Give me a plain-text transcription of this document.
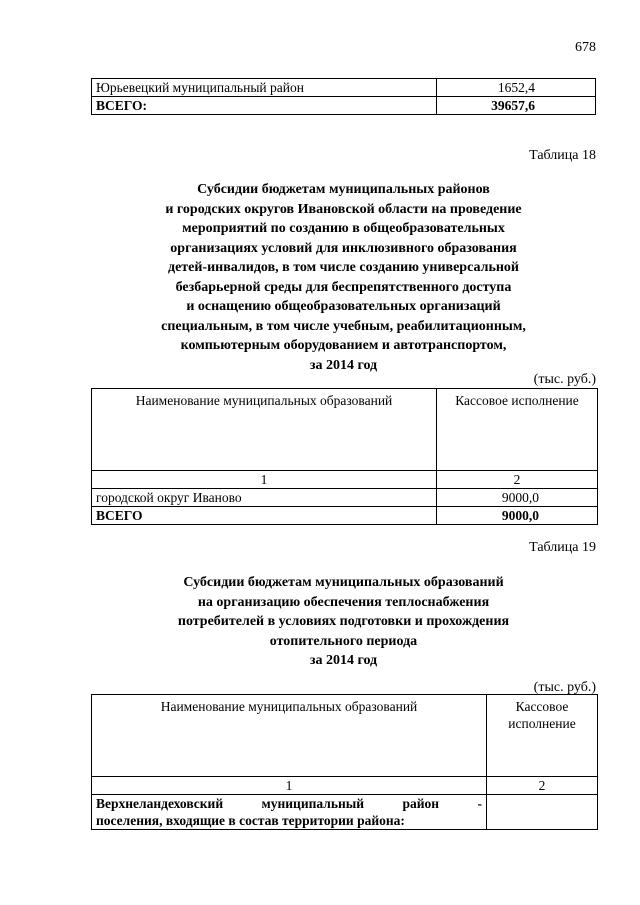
678
Юрьевецкий муниципальный район	1652,4
ВСЕГО:	39657,6
Таблица 18
Субсидии бюджетам муниципальных районов
и городских округов Ивановской области на проведение
мероприятий по созданию в общеобразовательных
организациях условий для инклюзивного образования
детей-инвалидов, в том числе созданию универсальной
безбарьерной среды для беспрепятственного доступа
и оснащению общеобразовательных организаций
специальным, в том числе учебным, реабилитационным,
компьютерным оборудованием и автотранспортом,
за 2014 год
(тыс. руб.)
Наименование муниципальных образований	Кассовое исполнение
1	2
городской округ Иваново	9000,0
ВСЕГО	9000,0
Таблица 19
Субсидии бюджетам муниципальных образований
на организацию обеспечения теплоснабжения
потребителей в условиях подготовки и прохождения
отопительного периода
за 2014 год
(тыс. руб.)
Наименование муниципальных образований	Кассовое
исполнение

1	2

Верхнеландеховский муниципальный район -
поселения, входящие в состав территории района:	
